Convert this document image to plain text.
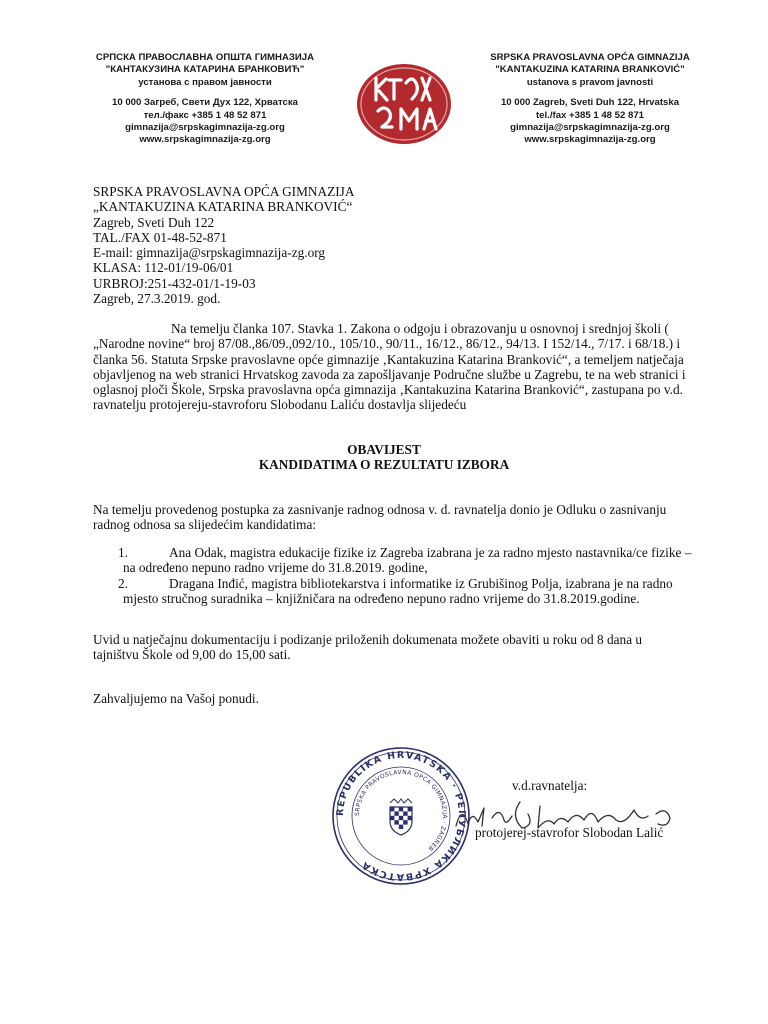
СРПСКА ПРАВОСЛАВНА ОПШТА ГИМНАЗИЈА
"КАНТАКУЗИНА КАТАРИНА БРАНКОВИЋ"
установа с правом јавности
10 000 Загреб, Свети Дух 122, Хрватска
тел./факс +385 1 48 52 871
gimnazija@srpskagimnazija-zg.org
www.srpskagimnazija-zg.org
SRPSKA PRAVOSLAVNA OPĆA GIMNAZIJA
"KANTAKUZINA KATARINA BRANKOVIĆ"
ustanova s pravom javnosti
10 000 Zagreb, Sveti Duh 122, Hrvatska
tel./fax +385 1 48 52 871
gimnazija@srpskagimnazija-zg.org
www.srpskagimnazija-zg.org
SRPSKA PRAVOSLAVNA OPĆA GIMNAZIJA
„KANTAKUZINA KATARINA BRANKOVIĆ“
Zagreb, Sveti Duh 122
TAL./FAX 01-48-52-871
E-mail: gimnazija@srpskagimnazija-zg.org
KLASA: 112-01/19-06/01
URBROJ:251-432-01/1-19-03
Zagreb, 27.3.2019. god.
Na temelju članka 107. Stavka 1. Zakona o odgoju i obrazovanju u osnovnoj i srednjoj školi (
„Narodne novine“ broj 87/08.,86/09.,092/10., 105/10., 90/11., 16/12., 86/12., 94/13. I 152/14., 7/17. i 68/18.) i
članka 56. Statuta Srpske pravoslavne opće gimnazije ‚Kantakuzina Katarina Branković“, a temeljem natječaja
objavljenog na web stranici Hrvatskog zavoda za zapošljavanje Područne službe u Zagrebu, te na web stranici i
oglasnoj ploči Škole, Srpska pravoslavna opća gimnazija ‚Kantakuzina Katarina Branković“, zastupana po v.d.
ravnatelju protojereju-stavroforu Slobodanu Laliću dostavlja slijedeću
OBAVIJEST
KANDIDATIMA O REZULTATU IZBORA
Na temelju provedenog postupka za zasnivanje radnog odnosa v. d. ravnatelja donio je Odluku o zasnivanju
radnog odnosa sa slijedećim kandidatima:
1.	Ana Odak, magistra edukacije fizike iz Zagreba izabrana je za radno mjesto nastavnika/ce fizike –
na određeno nepuno radno vrijeme do 31.8.2019. godine,
2.	Dragana Inđić, magistra bibliotekarstva i informatike iz Grubišinog Polja, izabrana je na radno
mjesto stručnog suradnika – knjižničara na određeno nepuno radno vrijeme do 31.8.2019.godine.
Uvid u natječajnu dokumentaciju i podizanje priloženih dokumenata možete obaviti u roku od 8 dana u
tajništvu Škole od 9,00 do 15,00 sati.
Zahvaljujemo na Vašoj ponudi.
REPUBLIKA HRVATSKA · РЕПУБЛИКА ХРВАТСКА
SRPSKA PRAVOSLAVNA OPĆA GIMNAZIJA · ZAGREB
v.d.ravnatelja:
protojerej-stavrofor Slobodan Lalić
